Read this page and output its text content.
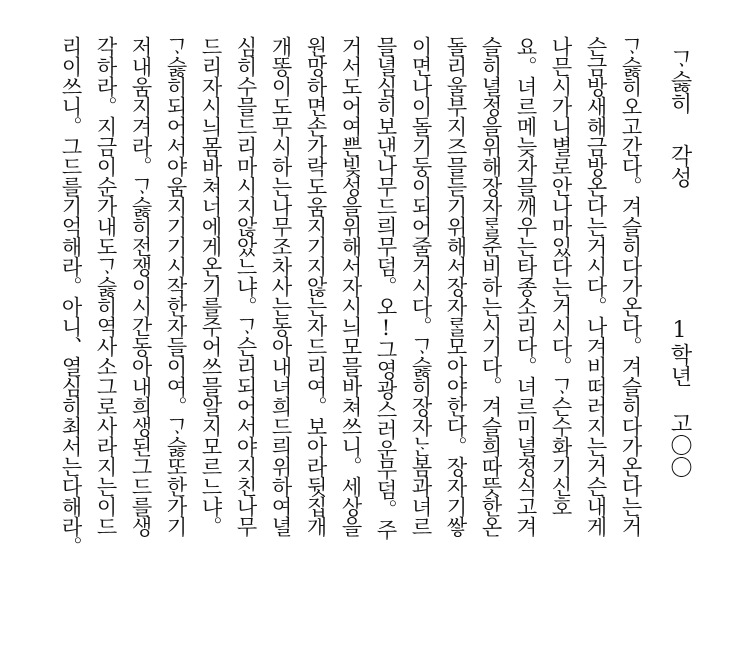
ᄀᆞ슳히
각성
1학년 고〇〇
ᄀᆞ슳히오고간다。겨슬히다가온다。겨슬히다가온다는거
슨금방새해금방온다는거시다。나겨비떠러지는거슨내게
나믄시가니별로안나마있다는거시다。ᄀᆞ슨수화기신호
요。녀르메늦자믈깨우는타종소리다。녀르미녈정식고겨
슬히녈정을위해장자ᄅᆞᆯ준비하는시기다。겨슬희따뜻한온
돌리울부지즈믈듣기위해서장자ᄅᆞᆯ모아야한다。장자기쌓
이면나이돌기둥이되어줄거시다。ᄀᆞ슳히장자ᄂᆞᆫ봄과녀르
믈녈심히보낸나무드릐무덤。오!그영광스러운무덤。주
거서도어여쁜빛성을위해서자시늬모믈바쳐쓰니。세상을
원망하면손가락도움지기지않는자드리여。보아라뒷집개
개똥이도무시하는나무조차사는동아내녀희드릐위하여녈
심히수믈드리마시지않았느냐。ᄀᆞ슨리되어서야지친나무
드리자시늬몸바쳐너에게온기를주어쓰믈알지모르느냐。
ᄀᆞ슳히되어서야움지기기시작한자들이여。ᄀᆞ슳또한가기
저내움지겨라。ᄀᆞ슳히전쟁이시간동아내희생된그드를생
각하라。지금이순가내도ᄀᆞ슳히역사소그로사라지는이드
리이쓰니。그드를기억해라。아니、열심히최서는다해라。
